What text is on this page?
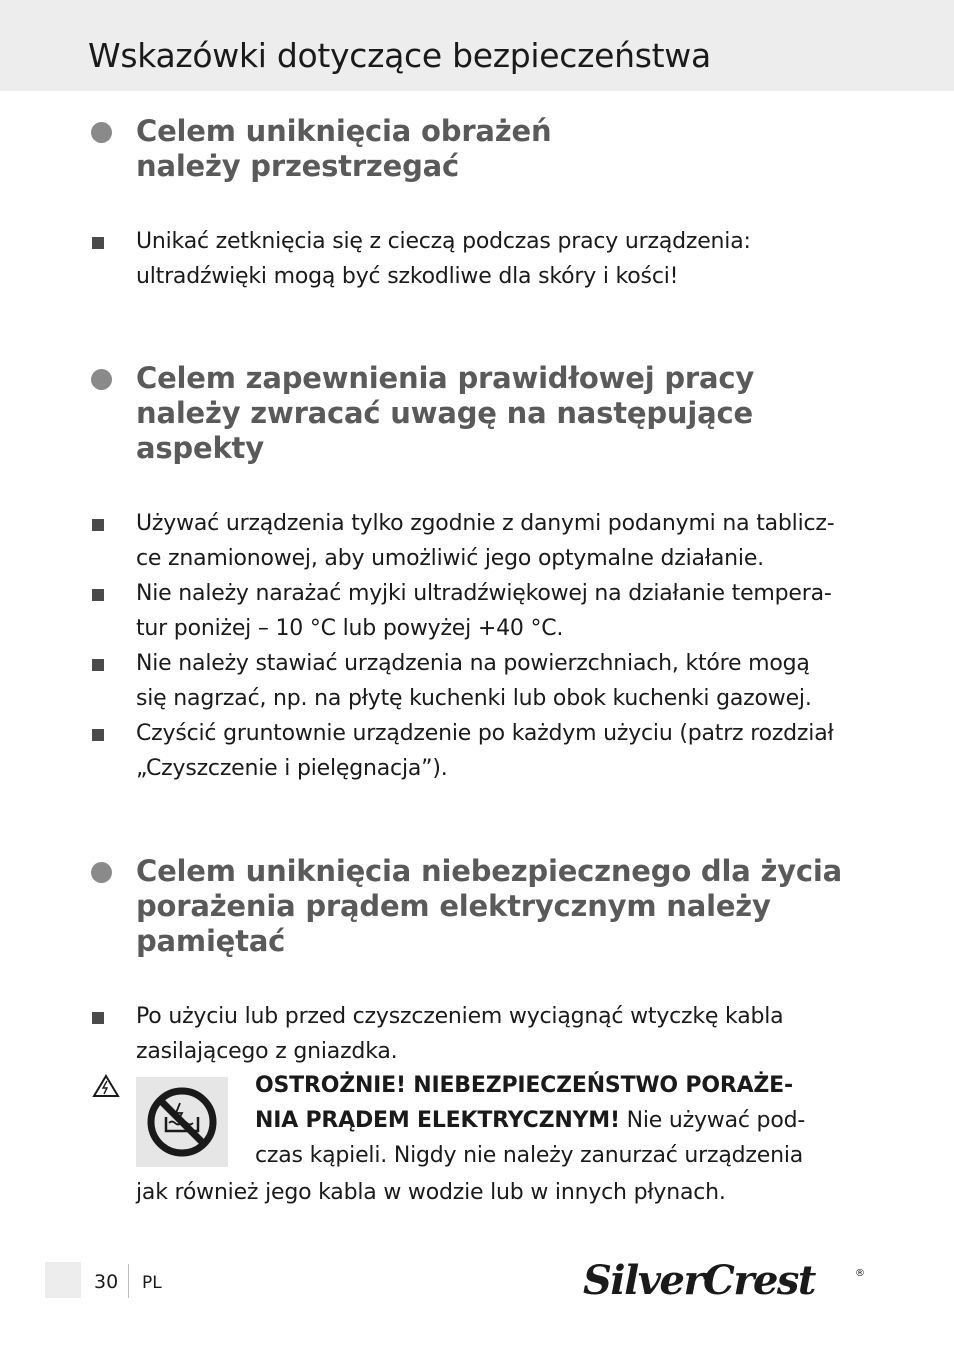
Wskazówki dotyczące bezpieczeństwa
Celem uniknięcia obrażeń
należy przestrzegać
Unikać zetknięcia się z cieczą podczas pracy urządzenia:
ultradźwięki mogą być szkodliwe dla skóry i kości!
Celem zapewnienia prawidłowej pracy
należy zwracać uwagę na następujące
aspekty
Używać urządzenia tylko zgodnie z danymi podanymi na tablicz-
ce znamionowej, aby umożliwić jego optymalne działanie.
Nie należy narażać myjki ultradźwiękowej na działanie tempera-
tur poniżej – 10 °C lub powyżej +40 °C.
Nie należy stawiać urządzenia na powierzchniach, które mogą
się nagrzać, np. na płytę kuchenki lub obok kuchenki gazowej.
Czyścić gruntownie urządzenie po każdym użyciu (patrz rozdział
„Czyszczenie i pielęgnacja”).
Celem uniknięcia niebezpiecznego dla życia
porażenia prądem elektrycznym należy
pamiętać
Po użyciu lub przed czyszczeniem wyciągnąć wtyczkę kabla
zasilającego z gniazdka.
OSTROŻNIE! NIEBEZPIECZEŃSTWO PORAŻE-
NIA PRĄDEM ELEKTRYCZNYM! Nie używać pod-
czas kąpieli. Nigdy nie należy zanurzać urządzenia
jak również jego kabla w wodzie lub w innych płynach.
30 PL	SilverCrest	®
